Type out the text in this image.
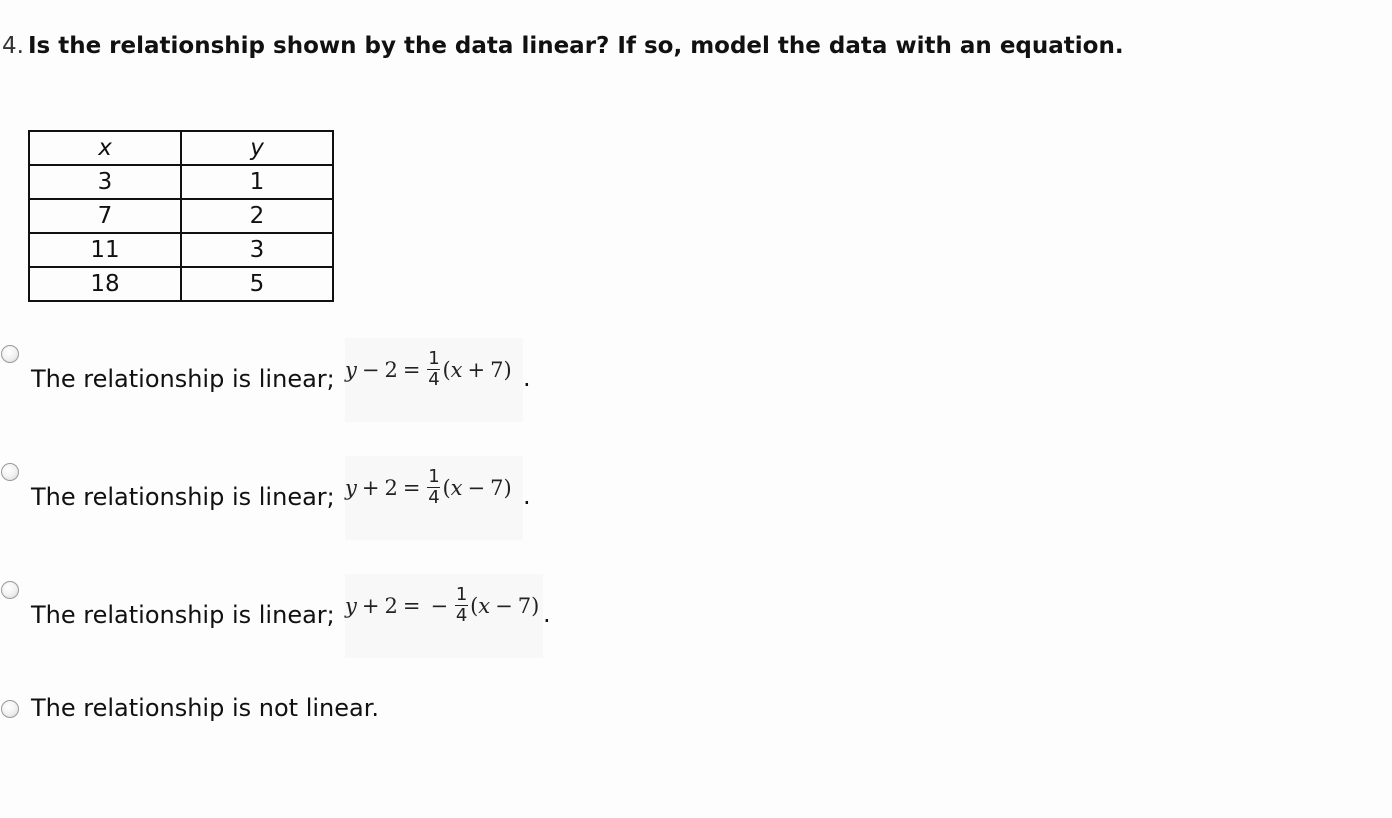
4. Is the relationship shown by the data linear? If so, model the data with an equation.
x	y
3	1
7	2
11	3
18	5
The relationship is linear; $y - 2 = \frac{1}{4}$ ( x + 7 ) .
The relationship is linear; $y + 2 = \frac{1}{4}$ ( x − 7 ) .
The relationship is linear; y + 2 = − $\frac{1}{4}$ ( x − 7 ) .
The relationship is not linear.
